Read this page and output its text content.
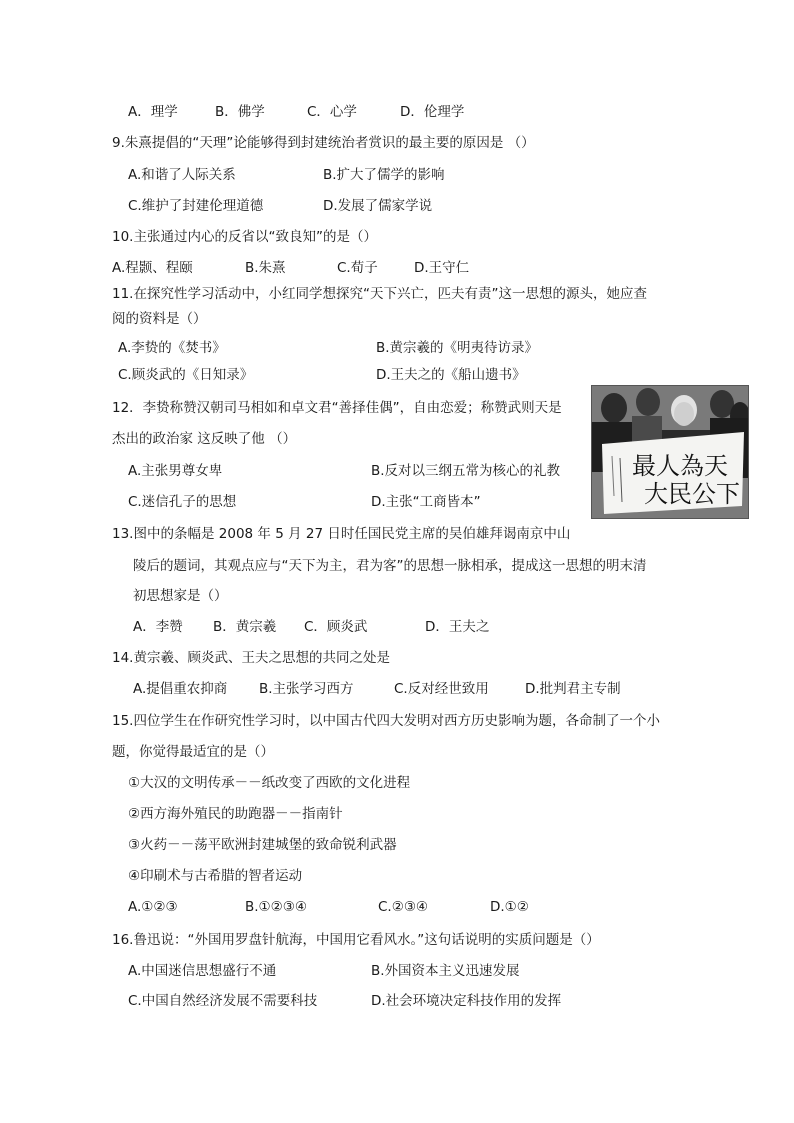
A．理学	B．佛学	C．心学	D．伦理学
9.朱熹提倡的“天理”论能够得到封建统治者赏识的最主要的原因是 （）
A.和谐了人际关系	B.扩大了儒学的影响
C.维护了封建伦理道德	D.发展了儒家学说
10.主张通过内心的反省以“致良知”的是（）
A.程颢、程颐	B.朱熹	C.荀子	D.王守仁
11.在探究性学习活动中，小红同学想探究“天下兴亡，匹夫有责”这一思想的源头，她应查
阅的资料是（）
A.李贽的《焚书》	B.黄宗羲的《明夷待访录》
C.顾炎武的《日知录》	D.王夫之的《船山遗书》
12．李贽称赞汉朝司马相如和卓文君“善择佳偶”，自由恋爱；称赞武则天是
杰出的政治家 这反映了他 （）
A.主张男尊女卑	B.反对以三纲五常为核心的礼教
C.迷信孔子的思想	D.主张“工商皆本”
最人為天
大民公下
13.图中的条幅是 2008 年 5 月 27 日时任国民党主席的吴伯雄拜谒南京中山
陵后的题词，其观点应与“天下为主，君为客”的思想一脉相承，提成这一思想的明末清
初思想家是（）
A．李赞 B．黄宗羲 C．顾炎武	D．王夫之
14.黄宗羲、顾炎武、王夫之思想的共同之处是
A.提倡重农抑商 B.主张学习西方	C.反对经世致用	D.批判君主专制
15.四位学生在作研究性学习时，以中国古代四大发明对西方历史影响为题，各命制了一个小
题，你觉得最适宜的是（）
①大汉的文明传承－－纸改变了西欧的文化进程
②西方海外殖民的助跑器－－指南针
③火药－－荡平欧洲封建城堡的致命锐利武器
④印刷术与古希腊的智者运动
A.①②③	B.①②③④	C.②③④	D.①②
16.鲁迅说：“外国用罗盘针航海，中国用它看风水。”这句话说明的实质问题是（）
A.中国迷信思想盛行不通	B.外国资本主义迅速发展
C.中国自然经济发展不需要科技	D.社会环境决定科技作用的发挥
